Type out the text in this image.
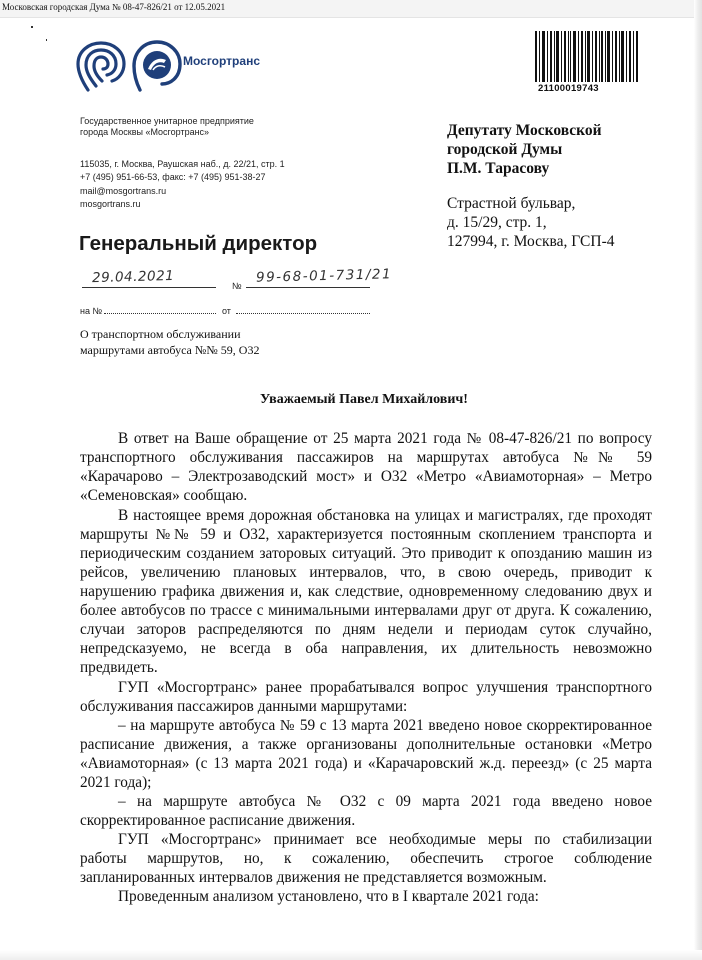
Московская городская Дума № 08-47-826/21 от 12.05.2021
Мосгортранс
21100019743
Государственное унитарное предприятие
города Москвы «Мосгортранс»
115035, г. Москва, Раушская наб., д. 22/21, стр. 1
+7 (495) 951-66-53, факс: +7 (495) 951-38-27
mail@mosgortrans.ru
mosgortrans.ru
Генеральный директор
29.04.2021	№
99-68-01-731/21
на №	от
О транспортном обслуживании
маршрутами автобуса №№ 59, О32
Депутату Московской
городской Думы
П.М. Тарасову
Страстной бульвар,
д. 15/29, стр. 1,
127994, г. Москва, ГСП-4
Уважаемый Павел Михайлович!
В ответ на Ваше обращение от 25 марта 2021 года № 08-47-826/21 по вопросу
транспортного обслуживания пассажиров на маршрутах автобуса №№ 59
«Карачарово – Электрозаводский мост» и О32 «Метро «Авиамоторная» – Метро
«Семеновская» сообщаю.
В настоящее время дорожная обстановка на улицах и магистралях, где проходят
маршруты №№ 59 и О32, характеризуется постоянным скоплением транспорта и
периодическим созданием заторовых ситуаций. Это приводит к опозданию машин из
рейсов, увеличению плановых интервалов, что, в свою очередь, приводит к
нарушению графика движения и, как следствие, одновременному следованию двух и
более автобусов по трассе с минимальными интервалами друг от друга. К сожалению,
случаи заторов распределяются по дням недели и периодам суток случайно,
непредсказуемо, не всегда в оба направления, их длительность невозможно
предвидеть.
ГУП «Мосгортранс» ранее прорабатывался вопрос улучшения транспортного
обслуживания пассажиров данными маршрутами:
– на маршруте автобуса № 59 с 13 марта 2021 введено новое скорректированное
расписание движения, а также организованы дополнительные остановки «Метро
«Авиамоторная» (с 13 марта 2021 года) и «Карачаровский ж.д. переезд» (с 25 марта
2021 года);
– на маршруте автобуса № О32 с 09 марта 2021 года введено новое
скорректированное расписание движения.
ГУП «Мосгортранс» принимает все необходимые меры по стабилизации
работы маршрутов, но, к сожалению, обеспечить строгое соблюдение
запланированных интервалов движения не представляется возможным.
Проведенным анализом установлено, что в I квартале 2021 года:
